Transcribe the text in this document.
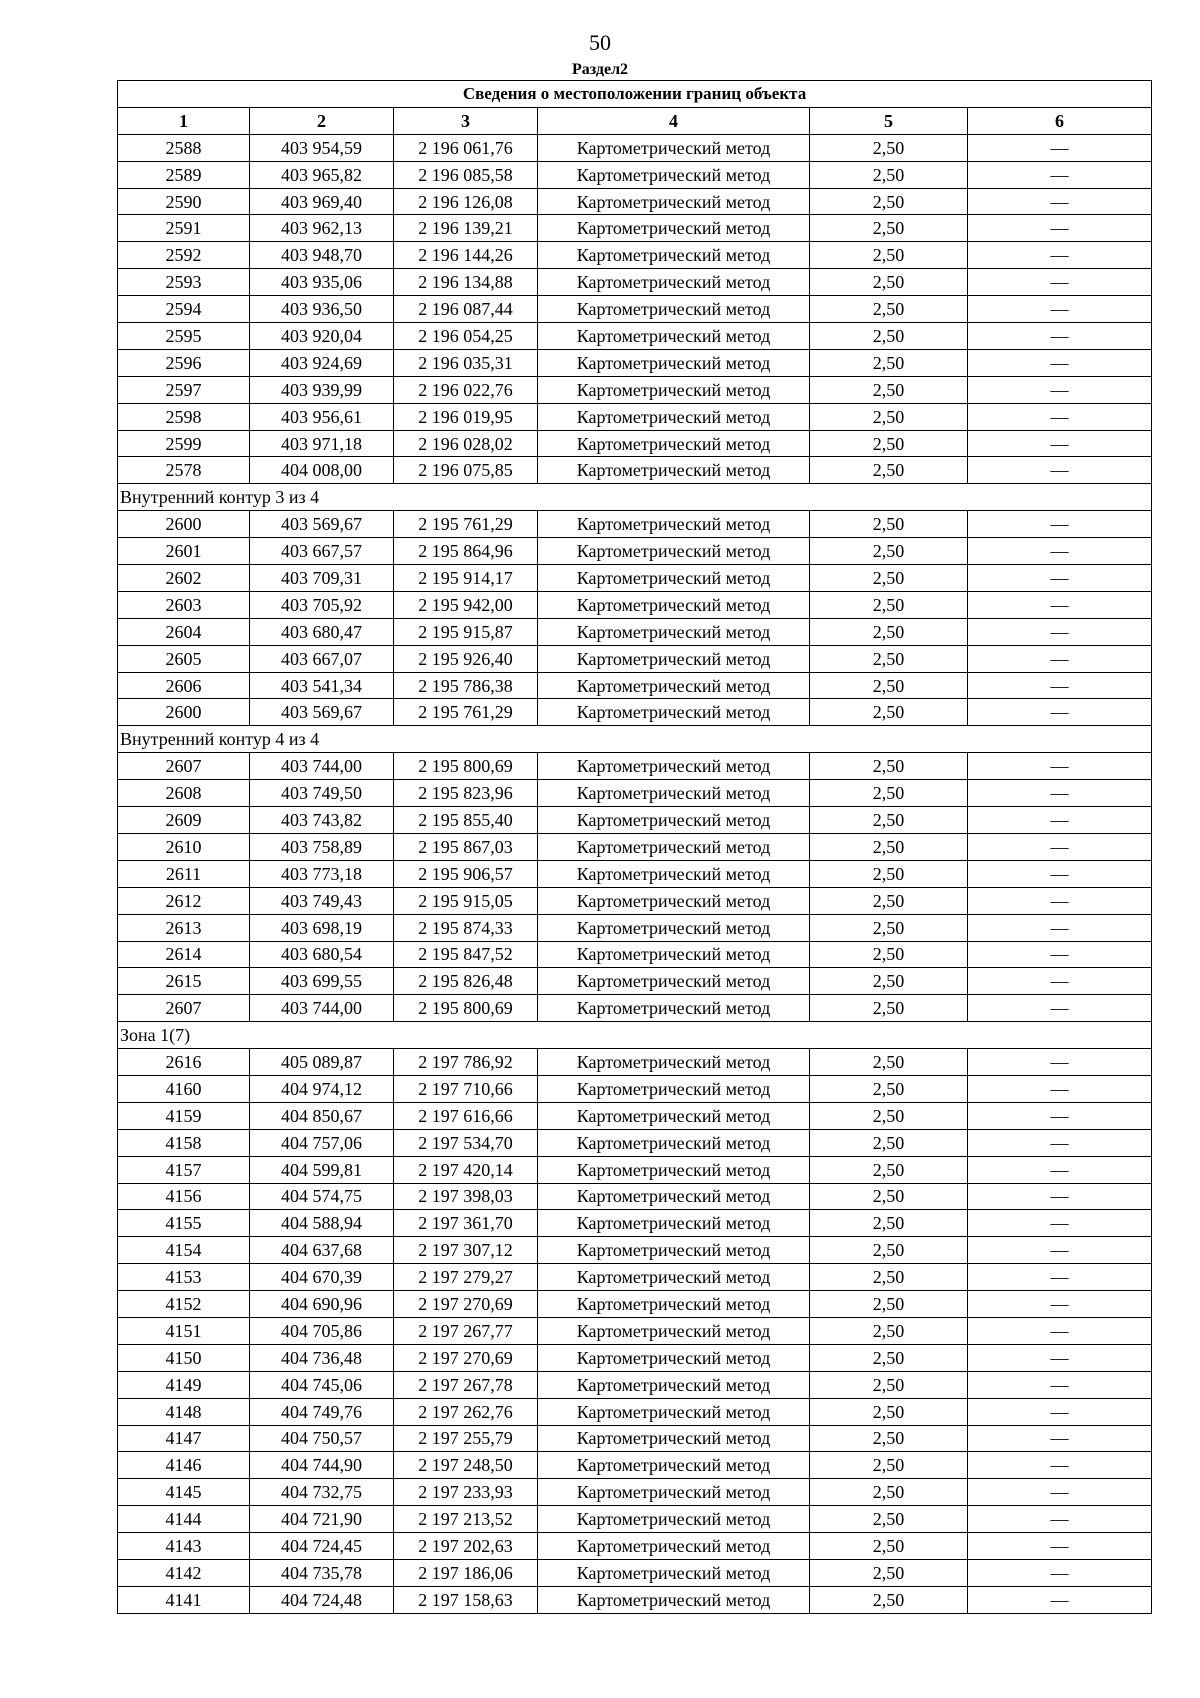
50
Раздел2
Сведения о местоположении границ объекта					
1	2	3	4	5	6
2588	403 954,59	2 196 061,76	Картометрический метод	2,50	—
2589	403 965,82	2 196 085,58	Картометрический метод	2,50	—
2590	403 969,40	2 196 126,08	Картометрический метод	2,50	—
2591	403 962,13	2 196 139,21	Картометрический метод	2,50	—
2592	403 948,70	2 196 144,26	Картометрический метод	2,50	—
2593	403 935,06	2 196 134,88	Картометрический метод	2,50	—
2594	403 936,50	2 196 087,44	Картометрический метод	2,50	—
2595	403 920,04	2 196 054,25	Картометрический метод	2,50	—
2596	403 924,69	2 196 035,31	Картометрический метод	2,50	—
2597	403 939,99	2 196 022,76	Картометрический метод	2,50	—
2598	403 956,61	2 196 019,95	Картометрический метод	2,50	—
2599	403 971,18	2 196 028,02	Картометрический метод	2,50	—
2578	404 008,00	2 196 075,85	Картометрический метод	2,50	—
Внутренний контур 3 из 4					
2600	403 569,67	2 195 761,29	Картометрический метод	2,50	—
2601	403 667,57	2 195 864,96	Картометрический метод	2,50	—
2602	403 709,31	2 195 914,17	Картометрический метод	2,50	—
2603	403 705,92	2 195 942,00	Картометрический метод	2,50	—
2604	403 680,47	2 195 915,87	Картометрический метод	2,50	—
2605	403 667,07	2 195 926,40	Картометрический метод	2,50	—
2606	403 541,34	2 195 786,38	Картометрический метод	2,50	—
2600	403 569,67	2 195 761,29	Картометрический метод	2,50	—
Внутренний контур 4 из 4					
2607	403 744,00	2 195 800,69	Картометрический метод	2,50	—
2608	403 749,50	2 195 823,96	Картометрический метод	2,50	—
2609	403 743,82	2 195 855,40	Картометрический метод	2,50	—
2610	403 758,89	2 195 867,03	Картометрический метод	2,50	—
2611	403 773,18	2 195 906,57	Картометрический метод	2,50	—
2612	403 749,43	2 195 915,05	Картометрический метод	2,50	—
2613	403 698,19	2 195 874,33	Картометрический метод	2,50	—
2614	403 680,54	2 195 847,52	Картометрический метод	2,50	—
2615	403 699,55	2 195 826,48	Картометрический метод	2,50	—
2607	403 744,00	2 195 800,69	Картометрический метод	2,50	—
Зона 1(7)					
2616	405 089,87	2 197 786,92	Картометрический метод	2,50	—
4160	404 974,12	2 197 710,66	Картометрический метод	2,50	—
4159	404 850,67	2 197 616,66	Картометрический метод	2,50	—
4158	404 757,06	2 197 534,70	Картометрический метод	2,50	—
4157	404 599,81	2 197 420,14	Картометрический метод	2,50	—
4156	404 574,75	2 197 398,03	Картометрический метод	2,50	—
4155	404 588,94	2 197 361,70	Картометрический метод	2,50	—
4154	404 637,68	2 197 307,12	Картометрический метод	2,50	—
4153	404 670,39	2 197 279,27	Картометрический метод	2,50	—
4152	404 690,96	2 197 270,69	Картометрический метод	2,50	—
4151	404 705,86	2 197 267,77	Картометрический метод	2,50	—
4150	404 736,48	2 197 270,69	Картометрический метод	2,50	—
4149	404 745,06	2 197 267,78	Картометрический метод	2,50	—
4148	404 749,76	2 197 262,76	Картометрический метод	2,50	—
4147	404 750,57	2 197 255,79	Картометрический метод	2,50	—
4146	404 744,90	2 197 248,50	Картометрический метод	2,50	—
4145	404 732,75	2 197 233,93	Картометрический метод	2,50	—
4144	404 721,90	2 197 213,52	Картометрический метод	2,50	—
4143	404 724,45	2 197 202,63	Картометрический метод	2,50	—
4142	404 735,78	2 197 186,06	Картометрический метод	2,50	—
4141	404 724,48	2 197 158,63	Картометрический метод	2,50	—
